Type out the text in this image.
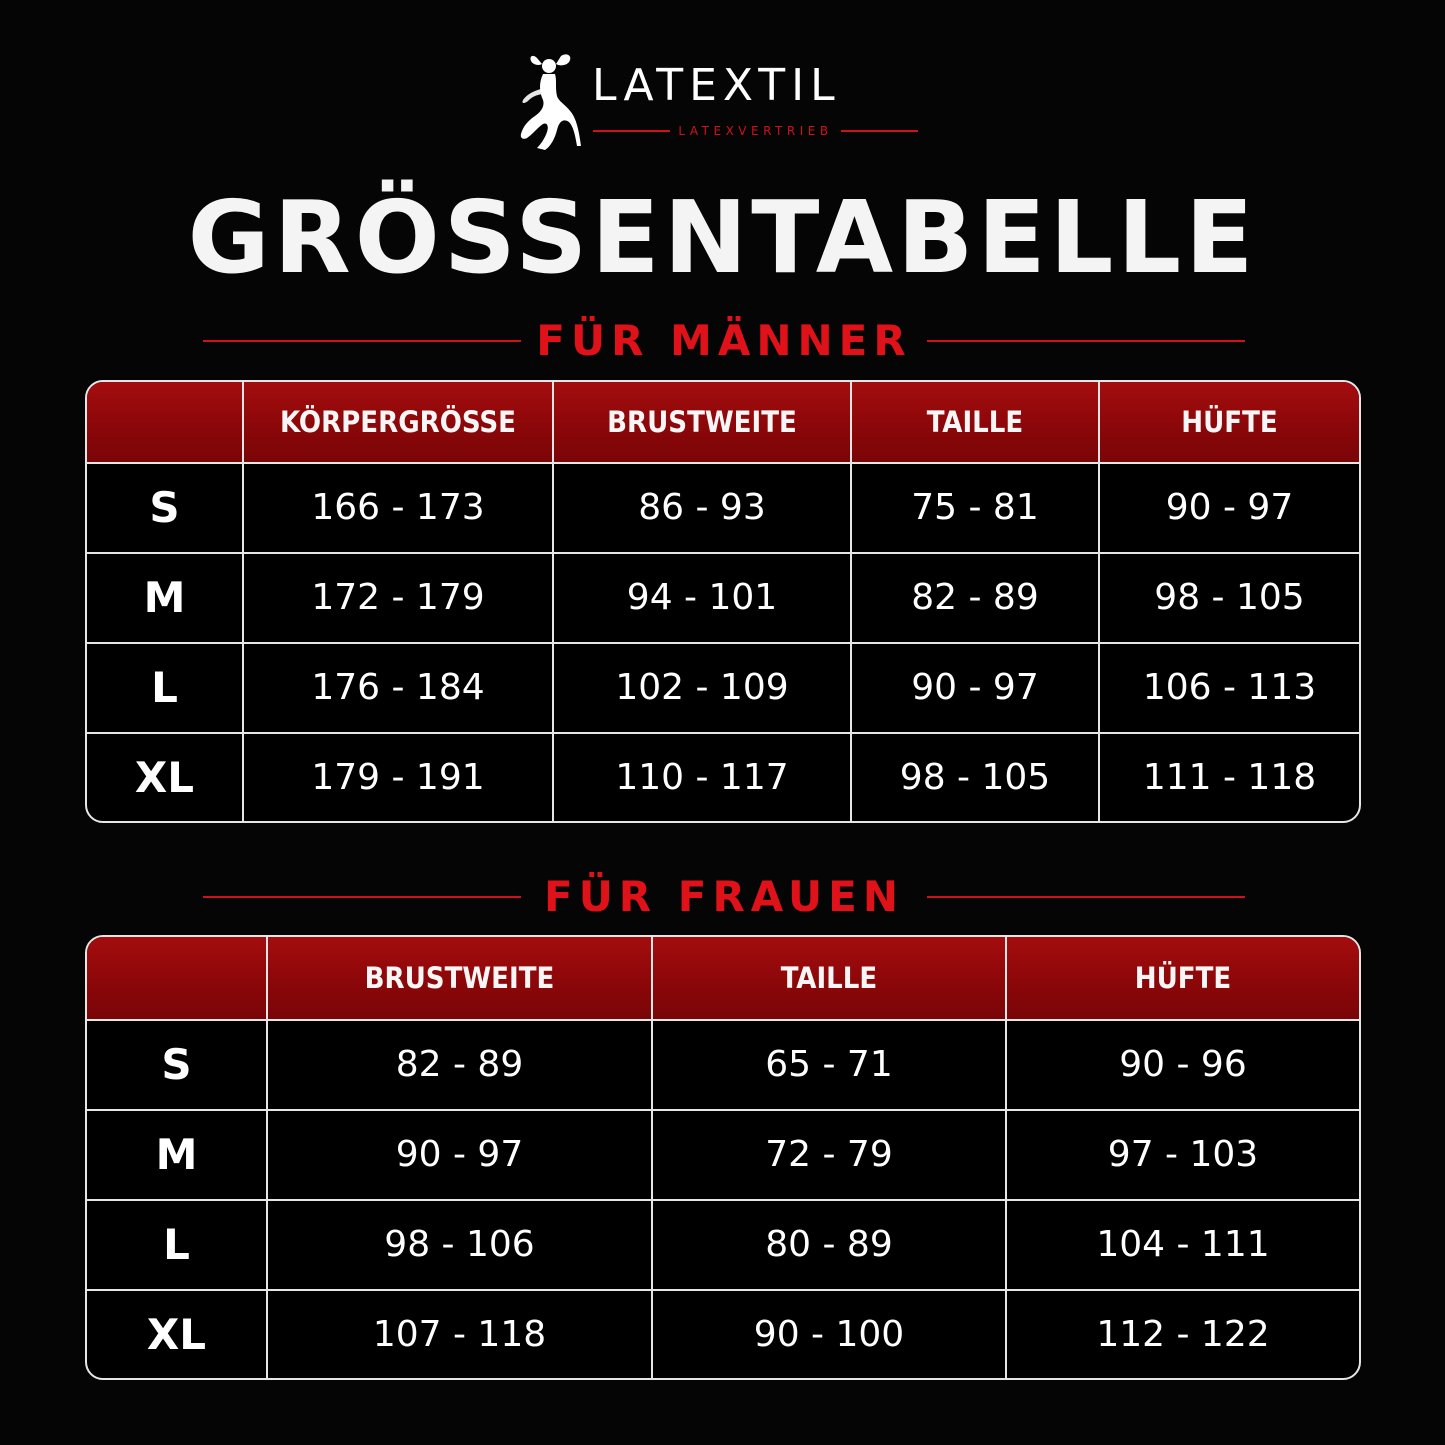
LATEXTIL
LATEXVERTRIEB
GRÖSSENTABELLE
FÜR MÄNNER
	KÖRPERGRÖSSE	BRUSTWEITE	TAILLE	HÜFTE
S	166 - 173	86 - 93	75 - 81	90 - 97
M	172 - 179	94 - 101	82 - 89	98 - 105
L	176 - 184	102 - 109	90 - 97	106 - 113
XL	179 - 191	110 - 117	98 - 105	111 - 118
FÜR FRAUEN
	BRUSTWEITE	TAILLE	HÜFTE
S	82 - 89	65 - 71	90 - 96
M	90 - 97	72 - 79	97 - 103
L	98 - 106	80 - 89	104 - 111
XL	107 - 118	90 - 100	112 - 122
